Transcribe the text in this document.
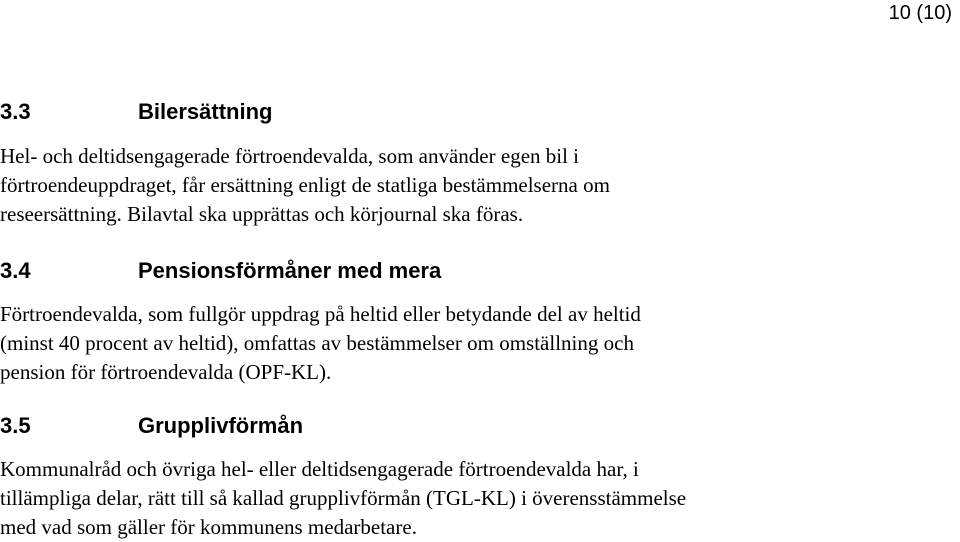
10 (10)
3.3	Bilersättning
Hel- och deltidsengagerade förtroendevalda, som använder egen bil i
förtroendeuppdraget, får ersättning enligt de statliga bestämmelserna om
reseersättning. Bilavtal ska upprättas och körjournal ska föras.
3.4	Pensionsförmåner med mera
Förtroendevalda, som fullgör uppdrag på heltid eller betydande del av heltid
(minst 40 procent av heltid), omfattas av bestämmelser om omställning och
pension för förtroendevalda (OPF-KL).
3.5	Grupplivförmån
Kommunalråd och övriga hel- eller deltidsengagerade förtroendevalda har, i
tillämpliga delar, rätt till så kallad grupplivförmån (TGL-KL) i överensstämmelse
med vad som gäller för kommunens medarbetare.
